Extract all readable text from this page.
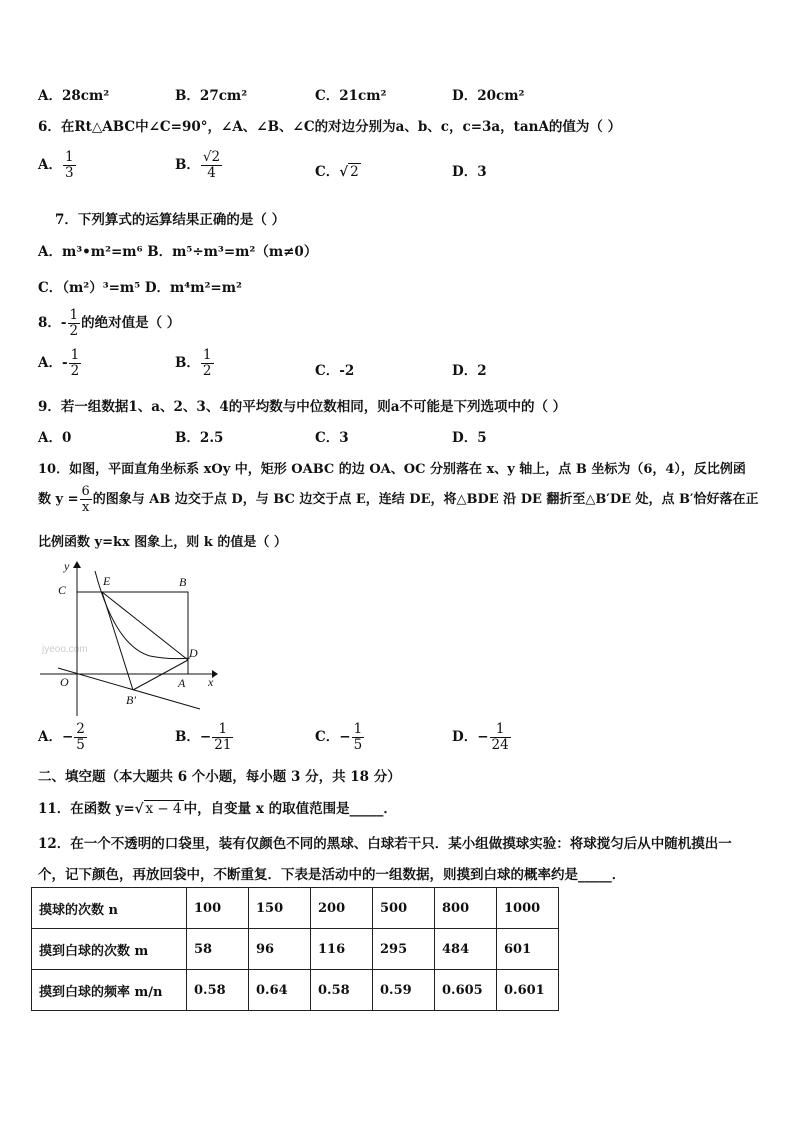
A．28cm²	B．27cm²	C．21cm²	D．20cm²
6．在Rt△ABC中∠C=90°，∠A、∠B、∠C的对边分别为a、b、c，c=3a，tanA的值为（ ）
A． $\frac{1}{3}$	B． $\frac{√2}{4}$	C．√ 2	D．3
7．下列算式的运算结果正确的是（ ）
A．m³•m²=m⁶ B．m⁵÷m³=m²（m≠0）
C．（m²）³=m⁵ D．m⁴m²=m²
8．- $\frac{1}{2}$ 的绝对值是（ ）
A．- $\frac{1}{2}$	B． $\frac{1}{2}$	C．-2	D．2
9．若一组数据1、a、2、3、4的平均数与中位数相同，则a不可能是下列选项中的（ ）
A．0	B．2.5	C．3	D．5
10．如图，平面直角坐标系 xOy 中，矩形 OABC 的边 OA、OC 分别落在 x、y 轴上，点 B 坐标为（6，4），反比例函
数 $y = \frac{6}{x}$ 的图象与 AB 边交于点 D，与 BC 边交于点 E，连结 DE，将△BDE 沿 DE 翻折至△B′DE 处，点 B′恰好落在正
比例函数 y=kx 图象上，则 k 的值是（ ）
jyeoo.com
y
x
O
C
E	B
D
A
B′
A．− $\frac{2}{5}$	B．− $\frac{1}{21}$	C．− $\frac{1}{5}$	D．− $\frac{1}{24}$
二、填空题（本大题共 6 个小题，每小题 3 分，共 18 分）
11．在函数 y=√ x − 4 中，自变量 x 的取值范围是_____．
12．在一个不透明的口袋里，装有仅颜色不同的黑球、白球若干只．某小组做摸球实验：将球搅匀后从中随机摸出一
个，记下颜色，再放回袋中，不断重复．下表是活动中的一组数据，则摸到白球的概率约是_____．
摸球的次数 n	100	150	200	500	800	1000
摸到白球的次数 m	58	96	116	295	484	601
摸到白球的频率 m/n	0.58	0.64	0.58	0.59	0.605	0.601
